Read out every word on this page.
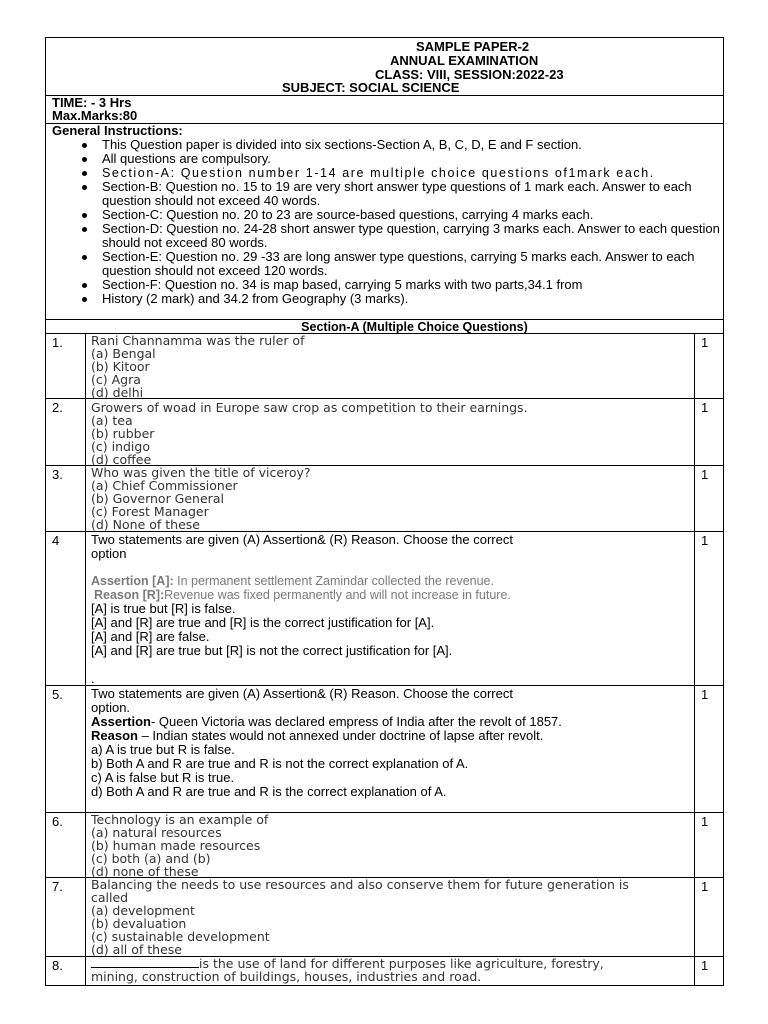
SAMPLE PAPER-2
ANNUAL EXAMINATION
CLASS: VIII, SESSION:2022-23
SUBJECT: SOCIAL SCIENCE
TIME: - 3 Hrs
Max.Marks:80
General Instructions:
This Question paper is divided into six sections-Section A, B, C, D, E and F section.
All questions are compulsory.
Section-A: Question number 1-14 are multiple choice questions of1mark each.
Section-B: Question no. 15 to 19 are very short answer type questions of 1 mark each. Answer to each question should not exceed 40 words.
Section-C: Question no. 20 to 23 are source-based questions, carrying 4 marks each.
Section-D: Question no. 24-28 short answer type question, carrying 3 marks each. Answer to each question should not exceed 80 words.
Section-E: Question no. 29 -33 are long answer type questions, carrying 5 marks each. Answer to each question should not exceed 120 words.
Section-F: Question no. 34 is map based, carrying 5 marks with two parts,34.1 from
History (2 mark) and 34.2 from Geography (3 marks).
Section-A (Multiple Choice Questions)
1.	Rani Channamma was the ruler of
(a) Bengal
(b) Kitoor
(c) Agra
(d) delhi
1
2.	Growers of woad in Europe saw crop as competition to their earnings.
(a) tea
(b) rubber
(c) indigo
(d) coffee
1
3.	Who was given the title of viceroy?
(a) Chief Commissioner
(b) Governor General
(c) Forest Manager
(d) None of these
1
4	Two statements are given (A) Assertion& (R) Reason. Choose the correct
option
Assertion [A]: In permanent settlement Zamindar collected the revenue.
Reason [R]:Revenue was fixed permanently and will not increase in future.
[A] is true but [R] is false.
[A] and [R] are true and [R] is the correct justification for [A].
[A] and [R] are false.
[A] and [R] are true but [R] is not the correct justification for [A].
.
1
5.	Two statements are given (A) Assertion& (R) Reason. Choose the correct
option.
Assertion- Queen Victoria was declared empress of India after the revolt of 1857.
Reason – Indian states would not annexed under doctrine of lapse after revolt.
a) A is true but R is false.
b) Both A and R are true and R is not the correct explanation of A.
c) A is false but R is true.
d) Both A and R are true and R is the correct explanation of A.
1
6.	Technology is an example of
(a) natural resources
(b) human made resources
(c) both (a) and (b)
(d) none of these
1
7.	Balancing the needs to use resources and also conserve them for future generation is
called
(a) development
(b) devaluation
(c) sustainable development
(d) all of these
1
8.	is the use of land for different purposes like agriculture, forestry,
mining, construction of buildings, houses, industries and road.
1
